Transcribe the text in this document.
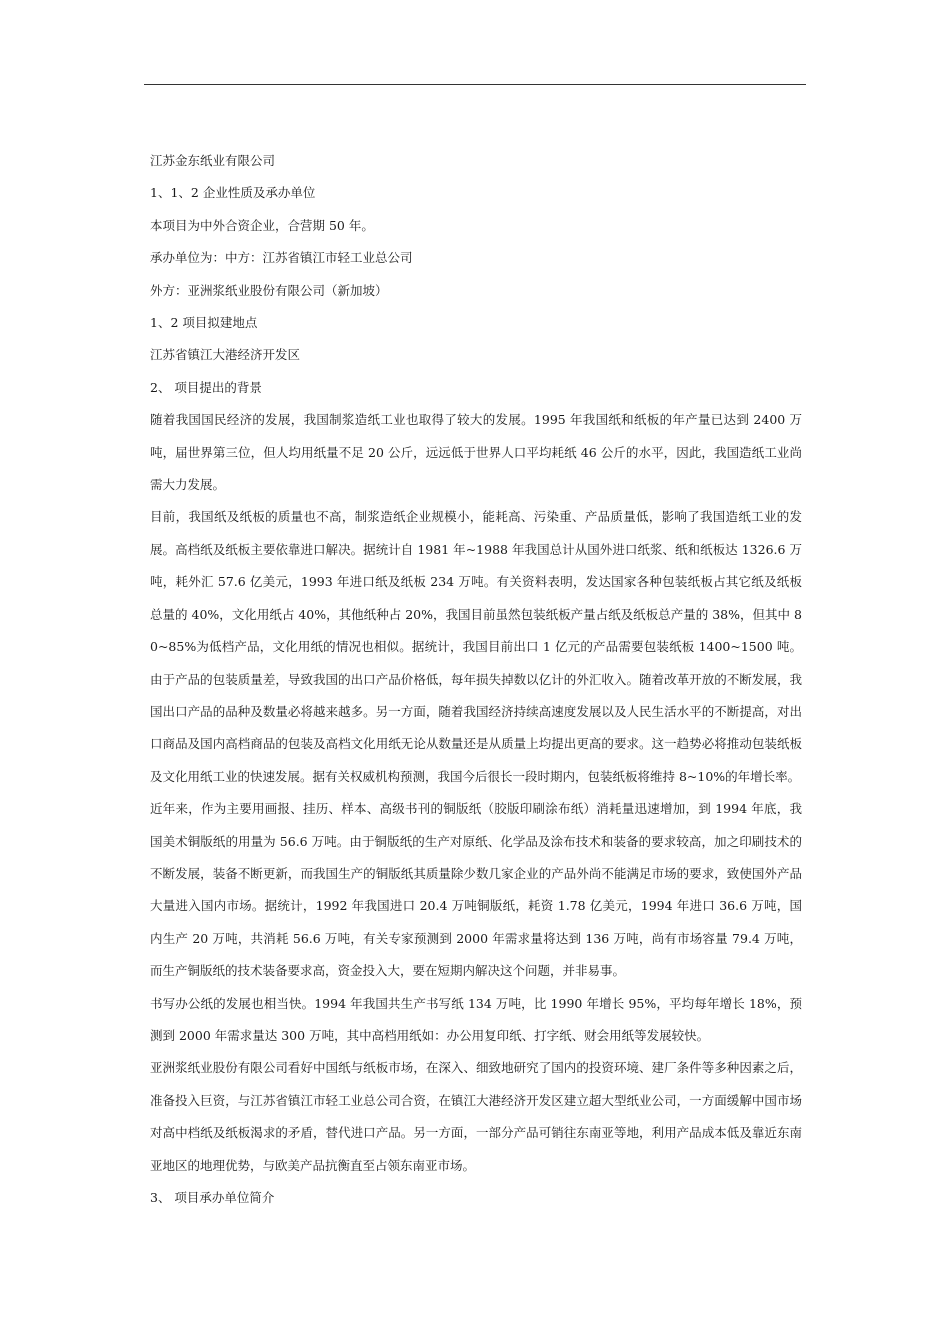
江苏金东纸业有限公司

1、1、2 企业性质及承办单位

本项目为中外合资企业，合营期 50 年。

承办单位为：中方：江苏省镇江市轻工业总公司

外方：亚洲浆纸业股份有限公司（新加坡）

1、2 项目拟建地点

江苏省镇江大港经济开发区

2、 项目提出的背景

随着我国国民经济的发展，我国制浆造纸工业也取得了较大的发展。1995 年我国纸和纸板的年产量已达到 2400 万吨，届世界第三位，但人均用纸量不足 20 公斤，远远低于世界人口平均耗纸 46 公斤的水平，因此，我国造纸工业尚需大力发展。

目前，我国纸及纸板的质量也不高，制浆造纸企业规模小，能耗高、污染重、产品质量低，影响了我国造纸工业的发展。高档纸及纸板主要依靠进口解决。据统计自 1981 年~1988 年我国总计从国外进口纸浆、纸和纸板达 1326.6 万吨，耗外汇 57.6 亿美元，1993 年进口纸及纸板 234 万吨。有关资料表明，发达国家各种包装纸板占其它纸及纸板总量的 40%，文化用纸占 40%，其他纸种占 20%，我国目前虽然包装纸板产量占纸及纸板总产量的 38%，但其中 80~85%为低档产品，文化用纸的情况也相似。据统计，我国目前出口 1 亿元的产品需要包装纸板 1400~1500 吨。由于产品的包装质量差，导致我国的出口产品价格低，每年损失掉数以亿计的外汇收入。随着改革开放的不断发展，我国出口产品的品种及数量必将越来越多。另一方面，随着我国经济持续高速度发展以及人民生活水平的不断提高，对出口商品及国内高档商品的包装及高档文化用纸无论从数量还是从质量上均提出更高的要求。这一趋势必将推动包装纸板及文化用纸工业的快速发展。据有关权威机构预测，我国今后很长一段时期内，包装纸板将维持 8~10%的年增长率。

近年来，作为主要用画报、挂历、样本、高级书刊的铜版纸（胶版印刷涂布纸）消耗量迅速增加，到 1994 年底，我国美术铜版纸的用量为 56.6 万吨。由于铜版纸的生产对原纸、化学品及涂布技术和装备的要求较高，加之印刷技术的不断发展，装备不断更新，而我国生产的铜版纸其质量除少数几家企业的产品外尚不能满足市场的要求，致使国外产品大量进入国内市场。据统计，1992 年我国进口 20.4 万吨铜版纸，耗资 1.78 亿美元，1994 年进口 36.6 万吨，国内生产 20 万吨，共消耗 56.6 万吨，有关专家预测到 2000 年需求量将达到 136 万吨，尚有市场容量 79.4 万吨，而生产铜版纸的技术装备要求高，资金投入大，要在短期内解决这个问题，并非易事。

书写办公纸的发展也相当快。1994 年我国共生产书写纸 134 万吨，比 1990 年增长 95%，平均每年增长 18%，预测到 2000 年需求量达 300 万吨，其中高档用纸如：办公用复印纸、打字纸、财会用纸等发展较快。

亚洲浆纸业股份有限公司看好中国纸与纸板市场，在深入、细致地研究了国内的投资环境、建厂条件等多种因素之后，准备投入巨资，与江苏省镇江市轻工业总公司合资，在镇江大港经济开发区建立超大型纸业公司，一方面缓解中国市场对高中档纸及纸板渴求的矛盾，替代进口产品。另一方面，一部分产品可销往东南亚等地，利用产品成本低及靠近东南亚地区的地理优势，与欧美产品抗衡直至占领东南亚市场。

3、 项目承办单位简介
